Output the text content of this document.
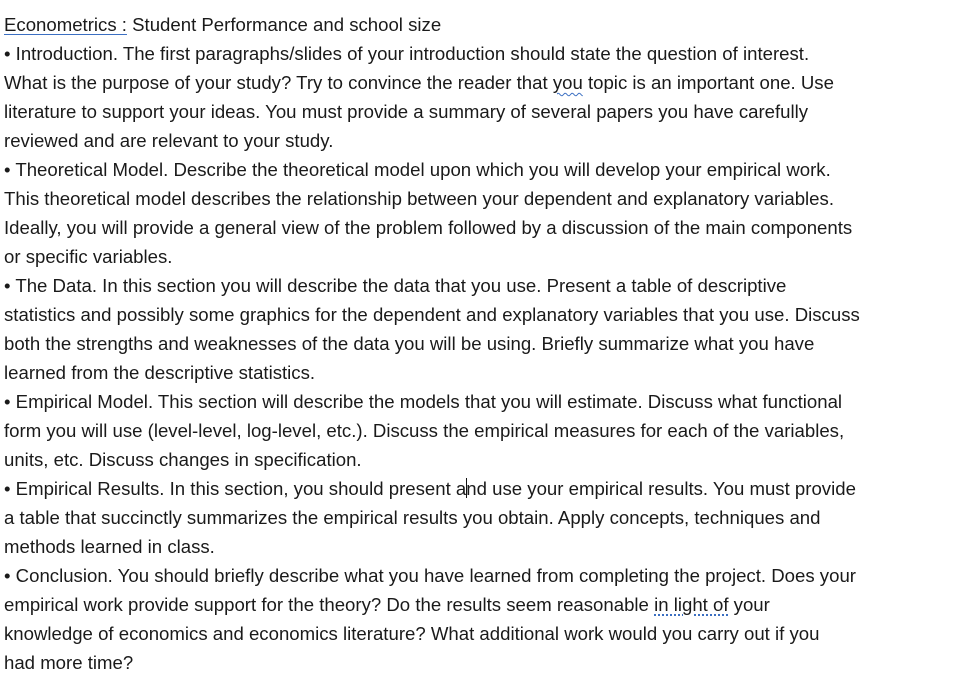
Econometrics : Student Performance and school size
• Introduction. The first paragraphs/slides of your introduction should state the question of interest.
What is the purpose of your study? Try to convince the reader that you topic is an important one. Use
literature to support your ideas. You must provide a summary of several papers you have carefully
reviewed and are relevant to your study.
• Theoretical Model. Describe the theoretical model upon which you will develop your empirical work.
This theoretical model describes the relationship between your dependent and explanatory variables.
Ideally, you will provide a general view of the problem followed by a discussion of the main components
or specific variables.
• The Data. In this section you will describe the data that you use. Present a table of descriptive
statistics and possibly some graphics for the dependent and explanatory variables that you use. Discuss
both the strengths and weaknesses of the data you will be using. Briefly summarize what you have
learned from the descriptive statistics.
• Empirical Model. This section will describe the models that you will estimate. Discuss what functional
form you will use (level-level, log-level, etc.). Discuss the empirical measures for each of the variables,
units, etc. Discuss changes in specification.
• Empirical Results. In this section, you should present and use your empirical results. You must provide
a table that succinctly summarizes the empirical results you obtain. Apply concepts, techniques and
methods learned in class.
• Conclusion. You should briefly describe what you have learned from completing the project. Does your
empirical work provide support for the theory? Do the results seem reasonable in light of your
knowledge of economics and economics literature? What additional work would you carry out if you
had more time?
